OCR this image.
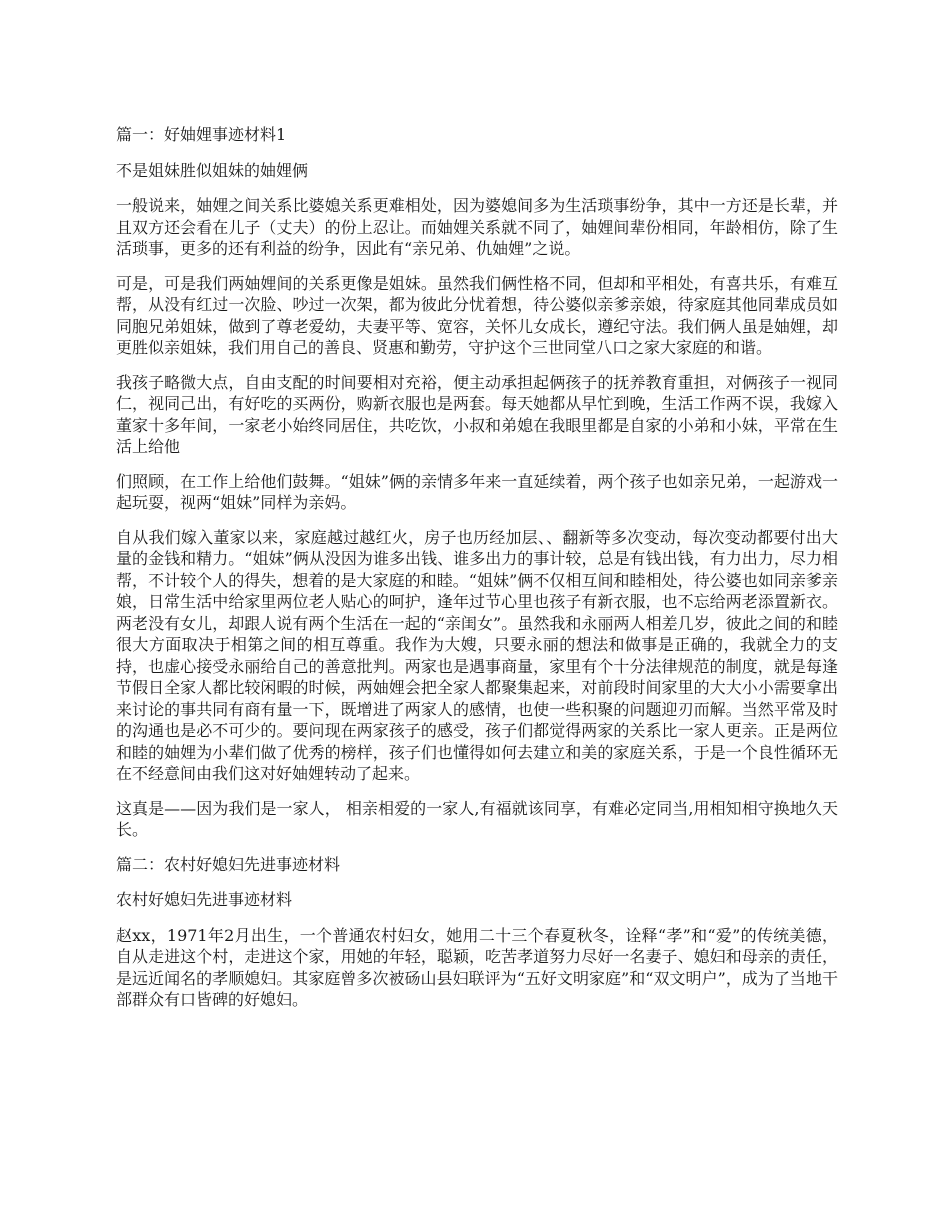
篇一：好妯娌事迹材料1

不是姐妹胜似姐妹的妯娌俩

一般说来，妯娌之间关系比婆媳关系更难相处，因为婆媳间多为生活琐事纷争，其中一方还是长辈，并且双方还会看在儿子（丈夫）的份上忍让。而妯娌关系就不同了，妯娌间辈份相同，年龄相仿，除了生活琐事，更多的还有利益的纷争，因此有“亲兄弟、仇妯娌”之说。

可是，可是我们两妯娌间的关系更像是姐妹。虽然我们俩性格不同，但却和平相处，有喜共乐，有难互帮，从没有红过一次脸、吵过一次架，都为彼此分忧着想，待公婆似亲爹亲娘，待家庭其他同辈成员如同胞兄弟姐妹，做到了尊老爱幼，夫妻平等、宽容，关怀儿女成长，遵纪守法。我们俩人虽是妯娌，却更胜似亲姐妹，我们用自己的善良、贤惠和勤劳，守护这个三世同堂八口之家大家庭的和谐。

我孩子略微大点，自由支配的时间要相对充裕，便主动承担起俩孩子的抚养教育重担，对俩孩子一视同仁，视同己出，有好吃的买两份，购新衣服也是两套。每天她都从早忙到晚，生活工作两不误，我嫁入董家十多年间，一家老小始终同居住，共吃饮，小叔和弟媳在我眼里都是自家的小弟和小妹，平常在生活上给他

们照顾，在工作上给他们鼓舞。“姐妹”俩的亲情多年来一直延续着，两个孩子也如亲兄弟，一起游戏一起玩耍，视两“姐妹”同样为亲妈。

自从我们嫁入董家以来，家庭越过越红火，房子也历经加层、、翻新等多次变动，每次变动都要付出大量的金钱和精力。“姐妹”俩从没因为谁多出钱、谁多出力的事计较，总是有钱出钱，有力出力，尽力相帮，不计较个人的得失，想着的是大家庭的和睦。“姐妹”俩不仅相互间和睦相处，待公婆也如同亲爹亲娘，日常生活中给家里两位老人贴心的呵护，逢年过节心里也孩子有新衣服，也不忘给两老添置新衣。两老没有女儿，却跟人说有两个生活在一起的“亲闺女”。虽然我和永丽两人相差几岁，彼此之间的和睦很大方面取决于相第之间的相互尊重。我作为大嫂，只要永丽的想法和做事是正确的，我就全力的支持，也虚心接受永丽给自己的善意批判。两家也是遇事商量，家里有个十分法律规范的制度，就是每逢节假日全家人都比较闲暇的时候，两妯娌会把全家人都聚集起来，对前段时间家里的大大小小需要拿出来讨论的事共同有商有量一下，既增进了两家人的感情，也使一些积聚的问题迎刃而解。当然平常及时的沟通也是必不可少的。要问现在两家孩子的感受，孩子们都觉得两家的关系比一家人更亲。正是两位和睦的妯娌为小辈们做了优秀的榜样，孩子们也懂得如何去建立和美的家庭关系，于是一个良性循环无在不经意间由我们这对好妯娌转动了起来。

这真是——因为我们是一家人， 相亲相爱的一家人,有福就该同享，有难必定同当,用相知相守换地久天长。

篇二：农村好媳妇先进事迹材料

农村好媳妇先进事迹材料

赵xx，1971年2月出生，一个普通农村妇女，她用二十三个春夏秋冬，诠释“孝”和“爱”的传统美德，自从走进这个村，走进这个家，用她的年轻，聪颖，吃苦孝道努力尽好一名妻子、媳妇和母亲的责任，是远近闻名的孝顺媳妇。其家庭曾多次被砀山县妇联评为“五好文明家庭”和“双文明户”，成为了当地干部群众有口皆碑的好媳妇。
